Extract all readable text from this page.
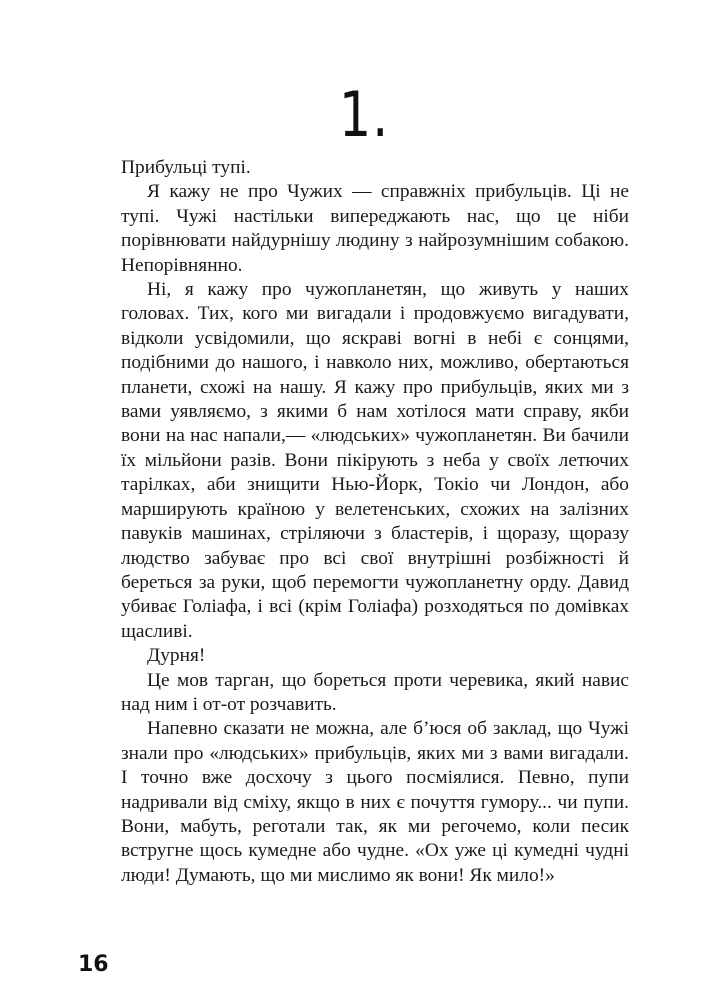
1.

Прибульці тупі.

Я кажу не про Чужих — справжніх прибульців. Ці не тупі. Чужі настільки випереджають нас, що це ніби порівнювати найдурнішу людину з найрозумнішим собакою. Непорівнянно.

Ні, я кажу про чужопланетян, що живуть у наших головах. Тих, кого ми вигадали і продовжуємо вигадувати, відколи усвідомили, що яскраві вогні в небі є сонцями, подібними до нашого, і навколо них, можливо, обертаються планети, схожі на нашу. Я кажу про прибульців, яких ми з вами уявляємо, з якими б нам хотілося мати справу, якби вони на нас напали,— «людських» чужопланетян. Ви бачили їх мільйони разів. Вони пікірують з неба у своїх летючих тарілках, аби знищити Нью-Йорк, Токіо чи Лондон, або марширують країною у велетенських, схожих на залізних павуків машинах, стріляючи з бластерів, і щоразу, щоразу людство забуває про всі свої внутрішні розбіжності й береться за руки, щоб перемогти чужопланетну орду. Давид убиває Голіафа, і всі (крім Голіафа) розходяться по домівках щасливі.

Дурня!

Це мов тарган, що бореться проти черевика, який навис над ним і от-от розчавить.

Напевно сказати не можна, але б’юся об заклад, що Чужі знали про «людських» прибульців, яких ми з вами вигадали. І точно вже досхочу з цього посміялися. Певно, пупи надривали від сміху, якщо в них є почуття гумору... чи пупи. Вони, мабуть, реготали так, як ми регочемо, коли песик встругне щось кумедне або чудне. «Ох уже ці кумедні чудні люди! Думають, що ми мислимо як вони! Як мило!»

16
